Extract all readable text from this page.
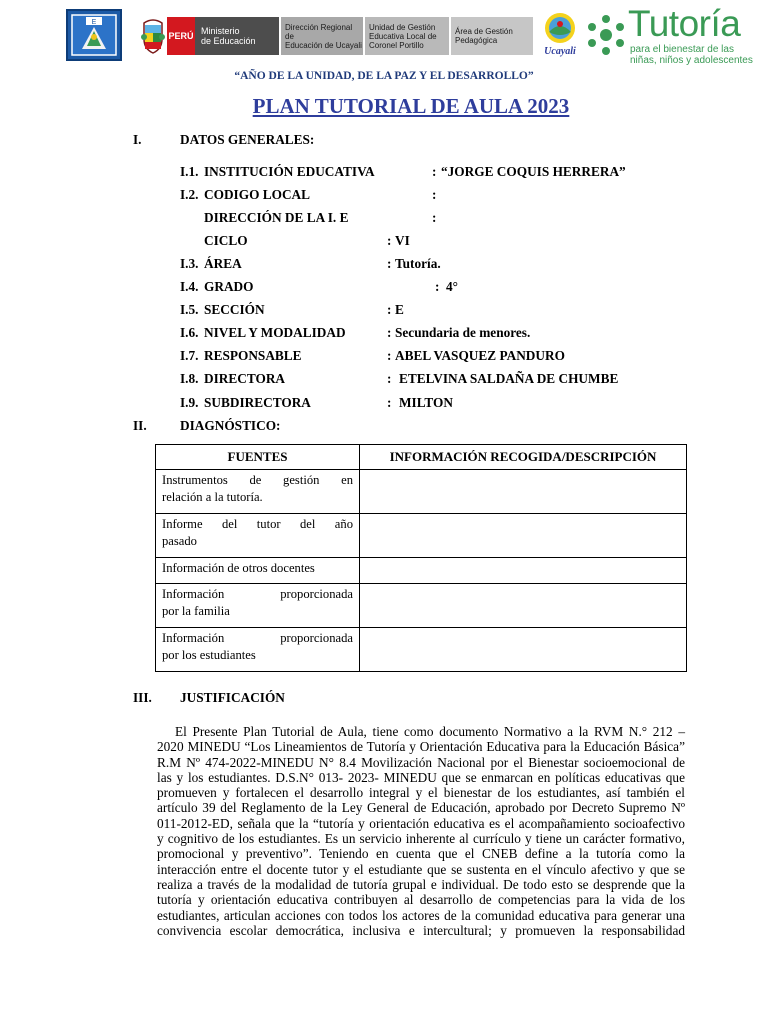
E
PERÚ Ministerio
de Educación
Dirección Regional de
Educación de Ucayali
Unidad de Gestión
Educativa Local de
Coronel Portillo
Área de Gestión
Pedagógica
Ucayali
Tutoría
para el bienestar de las
niñas, niños y adolescentes
“AÑO DE LA UNIDAD, DE LA PAZ Y EL DESARROLLO”
PLAN TUTORIAL DE AULA 2023
I.	DATOS GENERALES:
I.1. INSTITUCIÓN EDUCATIVA	: “JORGE COQUIS HERRERA”
I.2. CODIGO LOCAL	:
DIRECCIÓN DE LA I. E	:
CICLO	: VI
I.3. ÁREA	: Tutoría.
I.4. GRADO	: 4°
I.5. SECCIÓN	: E
I.6. NIVEL Y MODALIDAD	: Secundaria de menores.
I.7. RESPONSABLE	: ABEL VASQUEZ PANDURO
I.8. DIRECTORA	: ETELVINA SALDAÑA DE CHUMBE
I.9. SUBDIRECTORA	: MILTON
II.	DIAGNÓSTICO:
FUENTES	INFORMACIÓN RECOGIDA/DESCRIPCIÓN

Instrumentos de gestión en
relación a la tutoría.	

Informe del tutor del año
pasado	
Información de otros docentes	

Información proporcionada
por la familia	

Información proporcionada
por los estudiantes	
III. JUSTIFICACIÓN
El Presente Plan Tutorial de Aula, tiene como documento Normativo a la RVM N.° 212 –
2020 MINEDU “Los Lineamientos de Tutoría y Orientación Educativa para la Educación Básica”
R.M Nº 474-2022-MINEDU N° 8.4 Movilización Nacional por el Bienestar socioemocional de
las y los estudiantes. D.S.N° 013- 2023- MINEDU que se enmarcan en políticas educativas que
promueven y fortalecen el desarrollo integral y el bienestar de los estudiantes, así también el
artículo 39 del Reglamento de la Ley General de Educación, aprobado por Decreto Supremo Nº
011-2012-ED, señala que la “tutoría y orientación educativa es el acompañamiento socioafectivo
y cognitivo de los estudiantes. Es un servicio inherente al currículo y tiene un carácter formativo,
promocional y preventivo”. Teniendo en cuenta que el CNEB define a la tutoría como la
interacción entre el docente tutor y el estudiante que se sustenta en el vínculo afectivo y que se
realiza a través de la modalidad de tutoría grupal e individual. De todo esto se desprende que la
tutoría y orientación educativa contribuyen al desarrollo de competencias para la vida de los
estudiantes, articulan acciones con todos los actores de la comunidad educativa para generar una
convivencia escolar democrática, inclusiva e intercultural; y promueven la responsabilidad
